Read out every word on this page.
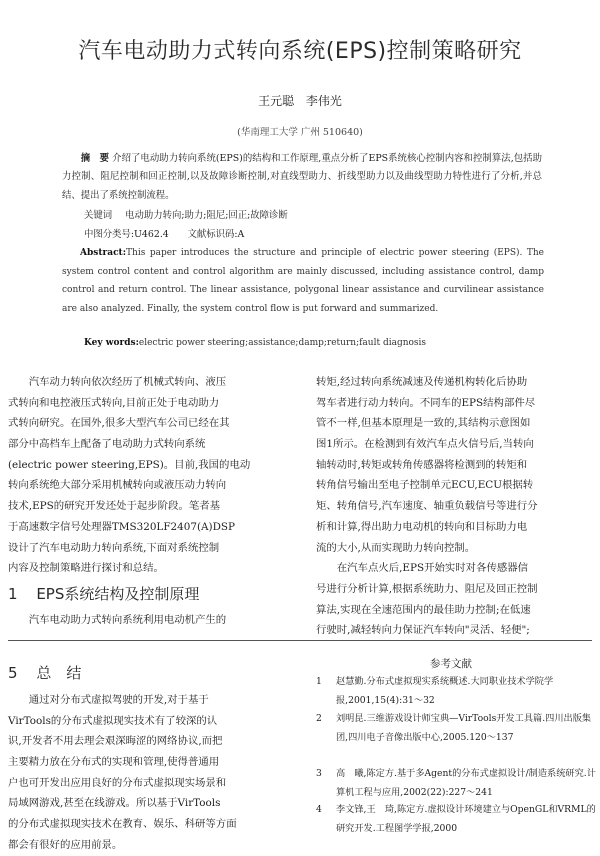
汽车电动助力式转向系统(EPS)控制策略研究
王元聪 李伟光
(华南理工大学 广州 510640)
摘　要 介绍了电动助力转向系统(EPS)的结构和工作原理,重点分析了EPS系统核心控制内容和控制算法,包括助力控制、阻尼控制和回正控制,以及故障诊断控制,对直线型助力、折线型助力以及曲线型助力特性进行了分析,并总结、提出了系统控制流程。
关键词 电动助力转向;助力;阻尼;回正;故障诊断
中图分类号:U462.4　　文献标识码:A
Abstract:This paper introduces the structure and principle of electric power steering (EPS). The system control content and control algorithm are mainly discussed, including assistance control, damp control and return control. The linear assistance, polygonal linear assistance and curvilinear assistance are also analyzed. Finally, the system control flow is put forward and summarized.
Key words:electric power steering;assistance;damp;return;fault diagnosis
　　汽车动力转向依次经历了机械式转向、液压
式转向和电控液压式转向,目前正处于电动助力
式转向研究。在国外,很多大型汽车公司已经在其
部分中高档车上配备了电动助力式转向系统
(electric power steering,EPS)。目前,我国的电动
转向系统绝大部分采用机械转向或液压动力转向
技术,EPS的研究开发还处于起步阶段。笔者基
于高速数字信号处理器TMS320LF2407(A)DSP
设计了汽车电动助力转向系统,下面对系统控制
内容及控制策略进行探讨和总结。
1 EPS系统结构及控制原理
　　汽车电动助力式转向系统利用电动机产生的
转矩,经过转向系统减速及传递机构转化后协助
驾车者进行动力转向。不同车的EPS结构部件尽
管不一样,但基本原理是一致的,其结构示意图如
图1所示。在检测到有效汽车点火信号后,当转向
轴转动时,转矩或转角传感器将检测到的转矩和
转角信号输出至电子控制单元ECU,ECU根据转
矩、转角信号,汽车速度、轴重负载信号等进行分
析和计算,得出助力电动机的转向和目标助力电
流的大小,从而实现助力转向控制。
　　在汽车点火后,EPS开始实时对各传感器信
号进行分析计算,根据系统助力、阻尼及回正控制
算法,实现在全速范围内的最佳助力控制;在低速
行驶时,减轻转向力保证汽车转向"灵活、轻便";
5 总　结
　　通过对分布式虚拟驾驶的开发,对于基于
VirTools的分布式虚拟现实技术有了较深的认
识,开发者不用去理会艰深晦涩的网络协议,而把
主要精力放在分布式的实现和管理,使得普通用
户也可开发出应用良好的分布式虚拟现实场景和
局域网游戏,甚至在线游戏。所以基于VirTools
的分布式虚拟现实技术在教育、娱乐、科研等方面
都会有很好的应用前景。
参考文献
1 赵慧勤.分布式虚拟现实系统概述.大同职业技术学院学报,2001,15(4):31～32
2 刘明昆.三维游戏设计师宝典—VirTools开发工具篇.四川出版集团,四川电子音像出版中心,2005.120～137
3 高　曦,陈定方.基于多Agent的分布式虚拟设计/制造系统研究.计算机工程与应用,2002(22):227～241
4 李文锋,王　琦,陈定方.虚拟设计环境建立与OpenGL和VRML的研究开发.工程图学学报,2000
